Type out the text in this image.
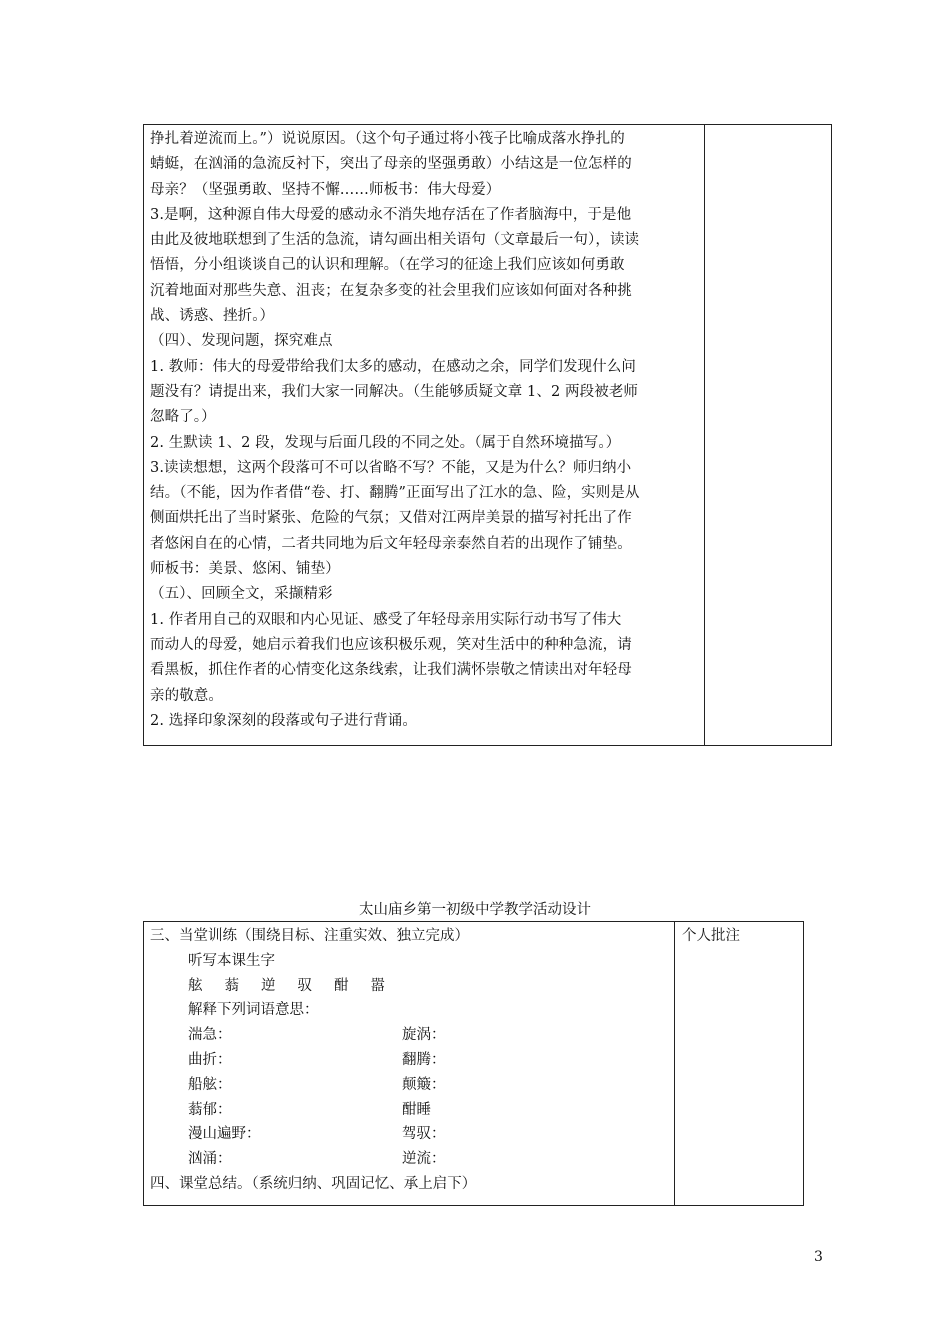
挣扎着逆流而上。”）说说原因。（这个句子通过将小筏子比喻成落水挣扎的

蜻蜓，在汹涌的急流反衬下，突出了母亲的坚强勇敢）小结这是一位怎样的

母亲？（坚强勇敢、坚持不懈……师板书：伟大母爱）

3.是啊，这种源自伟大母爱的感动永不消失地存活在了作者脑海中，于是他

由此及彼地联想到了生活的急流，请勾画出相关语句（文章最后一句），读读

悟悟，分小组谈谈自己的认识和理解。（在学习的征途上我们应该如何勇敢

沉着地面对那些失意、沮丧；在复杂多变的社会里我们应该如何面对各种挑

战、诱惑、挫折。）

（四）、发现问题，探究难点

1. 教师：伟大的母爱带给我们太多的感动，在感动之余，同学们发现什么问

题没有？请提出来，我们大家一同解决。（生能够质疑文章 1、2 两段被老师

忽略了。）

2. 生默读 1、2 段，发现与后面几段的不同之处。（属于自然环境描写。）

3.读读想想，这两个段落可不可以省略不写？不能，又是为什么？师归纳小

结。（不能，因为作者借“卷、打、翻腾”正面写出了江水的急、险，实则是从

侧面烘托出了当时紧张、危险的气氛；又借对江两岸美景的描写衬托出了作

者悠闲自在的心情，二者共同地为后文年轻母亲泰然自若的出现作了铺垫。

师板书：美景、悠闲、铺垫）

（五）、回顾全文，采撷精彩

1. 作者用自己的双眼和内心见证、感受了年轻母亲用实际行动书写了伟大

而动人的母爱，她启示着我们也应该积极乐观，笑对生活中的种种急流，请

看黑板，抓住作者的心情变化这条线索，让我们满怀崇敬之情读出对年轻母

亲的敬意。

2. 选择印象深刻的段落或句子进行背诵。

太山庙乡第一初级中学教学活动设计
三、当堂训练（围绕目标、注重实效、独立完成）
听写本课生字
舷 蓊 逆 驭 酣 嚣
解释下列词语意思：
湍急：	旋涡：
曲折：	翻腾：
船舷：	颠簸：
蓊郁：	酣睡
漫山遍野：	驾驭：
汹涌：	逆流：
四、课堂总结。（系统归纳、巩固记忆、承上启下）
个人批注
3
